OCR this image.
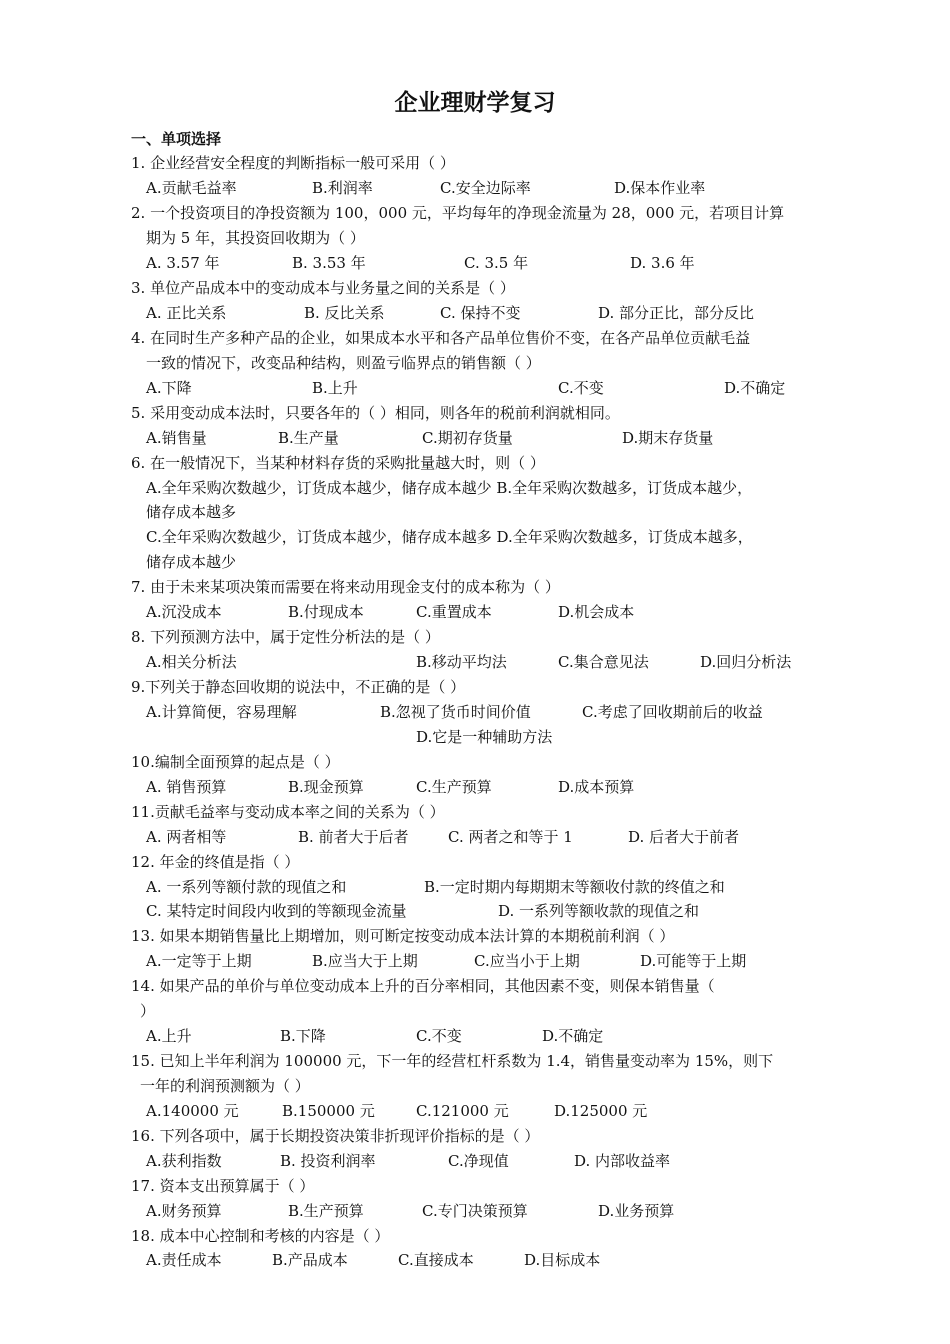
企业理财学复习
一、单项选择
1. 企业经营安全程度的判断指标一般可采用（ ）
A.贡献毛益率	B.利润率	C.安全边际率	D.保本作业率
2. 一个投资项目的净投资额为 100，000 元，平均每年的净现金流量为 28，000 元，若项目计算
期为 5 年，其投资回收期为（ ）
A. 3.57 年	B. 3.53 年	C. 3.5 年	D. 3.6 年
3. 单位产品成本中的变动成本与业务量之间的关系是（ ）
A. 正比关系	B. 反比关系	C. 保持不变	D. 部分正比，部分反比
4. 在同时生产多种产品的企业，如果成本水平和各产品单位售价不变，在各产品单位贡献毛益
一致的情况下，改变品种结构，则盈亏临界点的销售额（ ）
A.下降	B.上升	C.不变	D.不确定
5. 采用变动成本法时，只要各年的（ ）相同，则各年的税前利润就相同。
A.销售量	B.生产量	C.期初存货量	D.期末存货量
6. 在一般情况下，当某种材料存货的采购批量越大时，则（ ）
A.全年采购次数越少，订货成本越少，储存成本越少 B.全年采购次数越多，订货成本越少，
储存成本越多
C.全年采购次数越少，订货成本越少，储存成本越多 D.全年采购次数越多，订货成本越多，
储存成本越少
7. 由于未来某项决策而需要在将来动用现金支付的成本称为（ ）
A.沉没成本	B.付现成本	C.重置成本	D.机会成本
8. 下列预测方法中，属于定性分析法的是（ ）
A.相关分析法	B.移动平均法	C.集合意见法	D.回归分析法
9.下列关于静态回收期的说法中，不正确的是（ ）
A.计算简便，容易理解	B.忽视了货币时间价值	C.考虑了回收期前后的收益
D.它是一种辅助方法
10.编制全面预算的起点是（ ）
A. 销售预算	B.现金预算	C.生产预算	D.成本预算
11.贡献毛益率与变动成本率之间的关系为（ ）
A. 两者相等	B. 前者大于后者	C. 两者之和等于 1	D. 后者大于前者
12. 年金的终值是指（ ）
A. 一系列等额付款的现值之和	B.一定时期内每期期末等额收付款的终值之和
C. 某特定时间段内收到的等额现金流量	D. 一系列等额收款的现值之和
13. 如果本期销售量比上期增加，则可断定按变动成本法计算的本期税前利润（ ）
A.一定等于上期	B.应当大于上期	C.应当小于上期	D.可能等于上期
14. 如果产品的单价与单位变动成本上升的百分率相同，其他因素不变，则保本销售量（
）
A.上升	B.下降	C.不变	D.不确定
15. 已知上半年利润为 100000 元，下一年的经营杠杆系数为 1.4，销售量变动率为 15%，则下
一年的利润预测额为（ ）
A.140000 元	B.150000 元	C.121000 元	D.125000 元
16. 下列各项中，属于长期投资决策非折现评价指标的是（ ）
A.获利指数	B. 投资利润率	C.净现值	D. 内部收益率
17. 资本支出预算属于（ ）
A.财务预算	B.生产预算	C.专门决策预算	D.业务预算
18. 成本中心控制和考核的内容是（ ）
A.责任成本	B.产品成本	C.直接成本	D.目标成本
